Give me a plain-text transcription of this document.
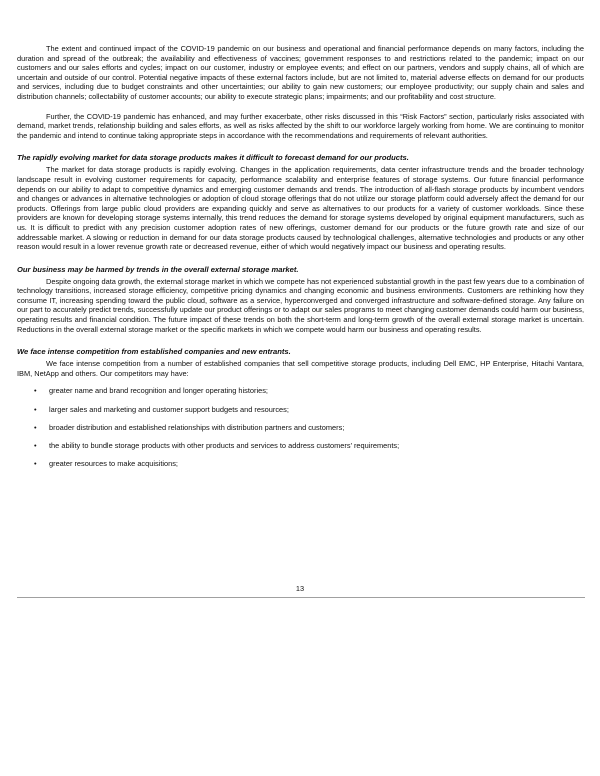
The extent and continued impact of the COVID-19 pandemic on our business and operational and financial performance depends on many factors, including the duration and spread of the outbreak; the availability and effectiveness of vaccines; government responses to and restrictions related to the pandemic; impact on our customers and our sales efforts and cycles; impact on our customer, industry or employee events; and effect on our partners, vendors and supply chains, all of which are uncertain and outside of our control. Potential negative impacts of these external factors include, but are not limited to, material adverse effects on demand for our products and services, including due to budget constraints and other uncertainties; our ability to gain new customers; our employee productivity; our supply chain and sales and distribution channels; collectability of customer accounts; our ability to execute strategic plans; impairments; and our profitability and cost structure.

Further, the COVID-19 pandemic has enhanced, and may further exacerbate, other risks discussed in this “Risk Factors” section, particularly risks associated with demand, market trends, relationship building and sales efforts, as well as risks affected by the shift to our workforce largely working from home. We are continuing to monitor the pandemic and intend to continue taking appropriate steps in accordance with the recommendations and requirements of relevant authorities.

The rapidly evolving market for data storage products makes it difficult to forecast demand for our products.

The market for data storage products is rapidly evolving. Changes in the application requirements, data center infrastructure trends and the broader technology landscape result in evolving customer requirements for capacity, performance scalability and enterprise features of storage systems. Our future financial performance depends on our ability to adapt to competitive dynamics and emerging customer demands and trends. The introduction of all-flash storage products by incumbent vendors and changes or advances in alternative technologies or adoption of cloud storage offerings that do not utilize our storage platform could adversely affect the demand for our products. Offerings from large public cloud providers are expanding quickly and serve as alternatives to our products for a variety of customer workloads. Since these providers are known for developing storage systems internally, this trend reduces the demand for storage systems developed by original equipment manufacturers, such as us. It is difficult to predict with any precision customer adoption rates of new offerings, customer demand for our products or the future growth rate and size of our addressable market. A slowing or reduction in demand for our data storage products caused by technological challenges, alternative technologies and products or any other reason would result in a lower revenue growth rate or decreased revenue, either of which would negatively impact our business and operating results.

Our business may be harmed by trends in the overall external storage market.

Despite ongoing data growth, the external storage market in which we compete has not experienced substantial growth in the past few years due to a combination of technology transitions, increased storage efficiency, competitive pricing dynamics and changing economic and business environments. Customers are rethinking how they consume IT, increasing spending toward the public cloud, software as a service, hyperconverged and converged infrastructure and software-defined storage. Any failure on our part to accurately predict trends, successfully update our product offerings or to adapt our sales programs to meet changing customer demands could harm our business, operating results and financial condition. The future impact of these trends on both the short-term and long-term growth of the overall external storage market is uncertain. Reductions in the overall external storage market or the specific markets in which we compete would harm our business and operating results.

We face intense competition from established companies and new entrants.

We face intense competition from a number of established companies that sell competitive storage products, including Dell EMC, HP Enterprise, Hitachi Vantara, IBM, NetApp and others. Our competitors may have:

• greater name and brand recognition and longer operating histories;
• larger sales and marketing and customer support budgets and resources;
• broader distribution and established relationships with distribution partners and customers;
• the ability to bundle storage products with other products and services to address customers’ requirements;
• greater resources to make acquisitions;
13
